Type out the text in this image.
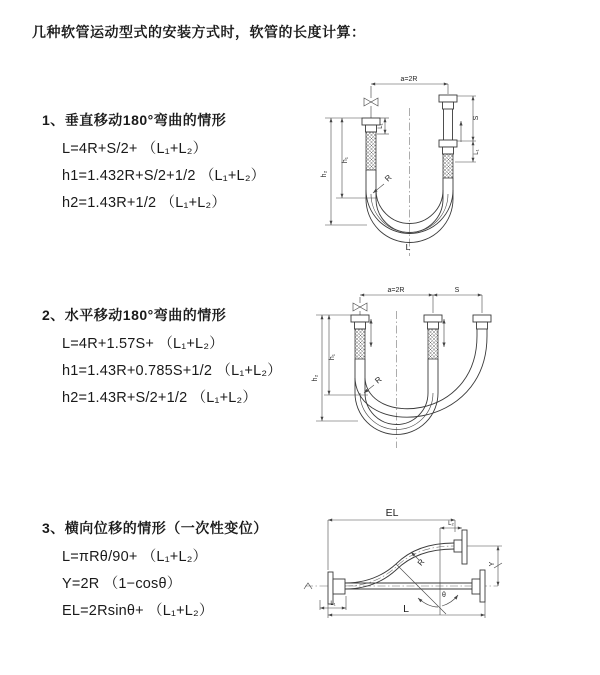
几种软管运动型式的安装方式时，软管的长度计算：
1、垂直移动180°弯曲的情形
L=4R+S/2+ （L₁+L₂）
h1=1.432R+S/2+1/2 （L₁+L₂）
h2=1.43R+1/2 （L₁+L₂）
2、水平移动180°弯曲的情形
L=4R+1.57S+ （L₁+L₂）
h1=1.43R+0.785S+1/2 （L₁+L₂）
h2=1.43R+S/2+1/2 （L₁+L₂）
3、横向位移的情形（一次性变位）
L=πRθ/90+ （L₁+L₂）
Y=2R （1−cosθ）
EL=2Rsinθ+ （L₁+L₂）
a=2R
S
L₁
L₁
h₁
h₂	R
L
a=2R	S
h₁
h₂	R
EL
L₂
Y
R
θ
L₁	L
